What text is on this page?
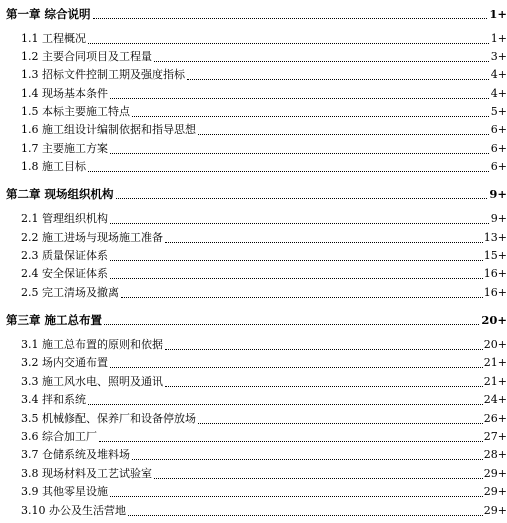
第一章 综合说明	1+
1.1 工程概况	1+
1.2 主要合同项目及工程量	3+
1.3 招标文件控制工期及强度指标	4+
1.4 现场基本条件	4+
1.5 本标主要施工特点	5+
1.6 施工组设计编制依据和指导思想	6+
1.7 主要施工方案	6+
1.8 施工目标	6+
第二章 现场组织机构	9+
2.1 管理组织机构	9+
2.2 施工进场与现场施工准备	13+
2.3 质量保证体系	15+
2.4 安全保证体系	16+
2.5 完工清场及撤离	16+
第三章 施工总布置	20+
3.1 施工总布置的原则和依据	20+
3.2 场内交通布置	21+
3.3 施工风水电、照明及通讯	21+
3.4 拌和系统	24+
3.5 机械修配、保养厂和设备停放场	26+
3.6 综合加工厂	27+
3.7 仓储系统及堆料场	28+
3.8 现场材料及工艺试验室	29+
3.9 其他零星设施	29+
3.10 办公及生活营地	29+
